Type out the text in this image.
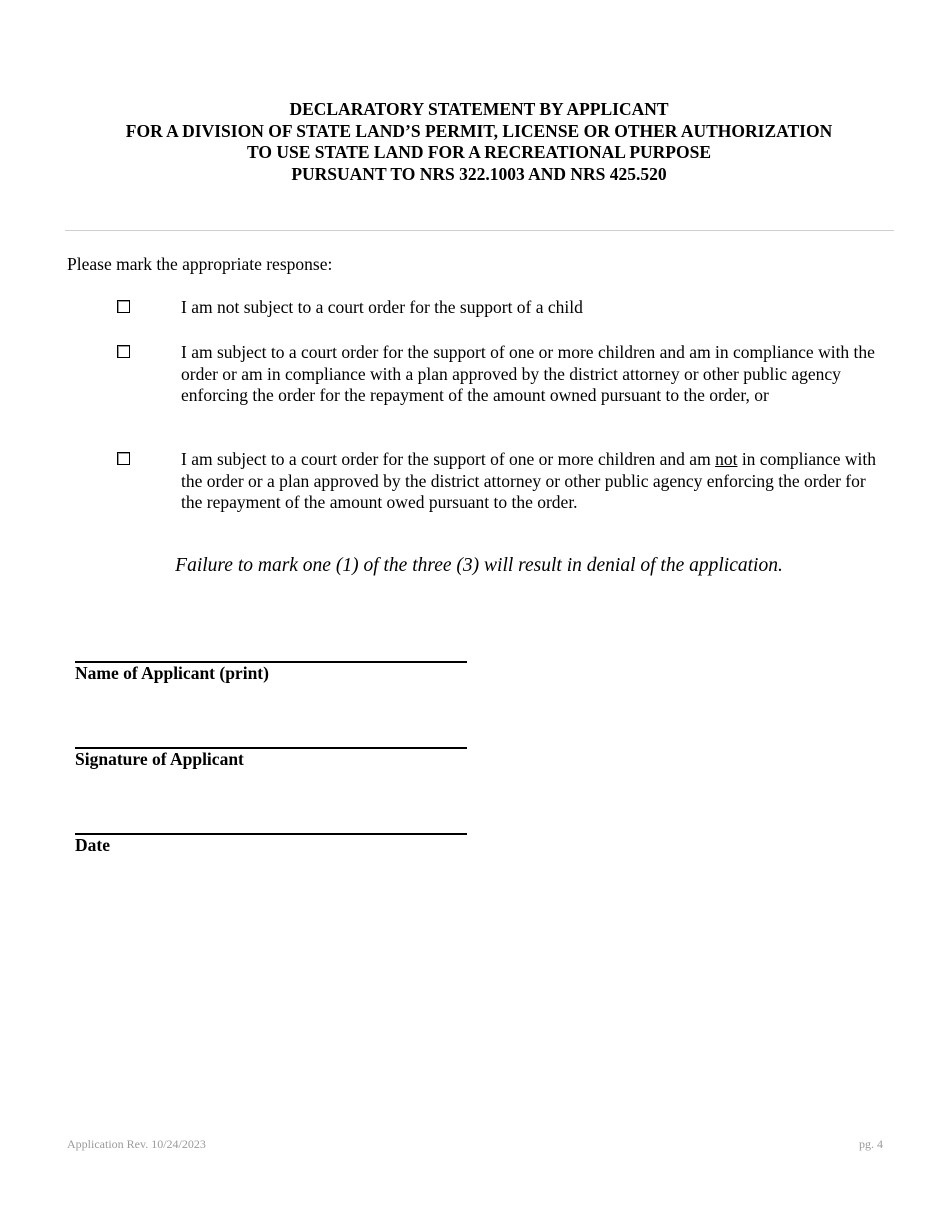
DECLARATORY STATEMENT BY APPLICANT
FOR A DIVISION OF STATE LAND’S PERMIT, LICENSE OR OTHER AUTHORIZATION
TO USE STATE LAND FOR A RECREATIONAL PURPOSE
PURSUANT TO NRS 322.1003 AND NRS 425.520
Please mark the appropriate response:
I am not subject to a court order for the support of a child
I am subject to a court order for the support of one or more children and am in compliance with the order or am in compliance with a plan approved by the district attorney or other public agency enforcing the order for the repayment of the amount owned pursuant to the order, or
I am subject to a court order for the support of one or more children and am not in compliance with the order or a plan approved by the district attorney or other public agency enforcing the order for the repayment of the amount owed pursuant to the order.
Failure to mark one (1) of the three (3) will result in denial of the application.
Name of Applicant (print)
Signature of Applicant
Date
Application Rev. 10/24/2023	pg. 4
